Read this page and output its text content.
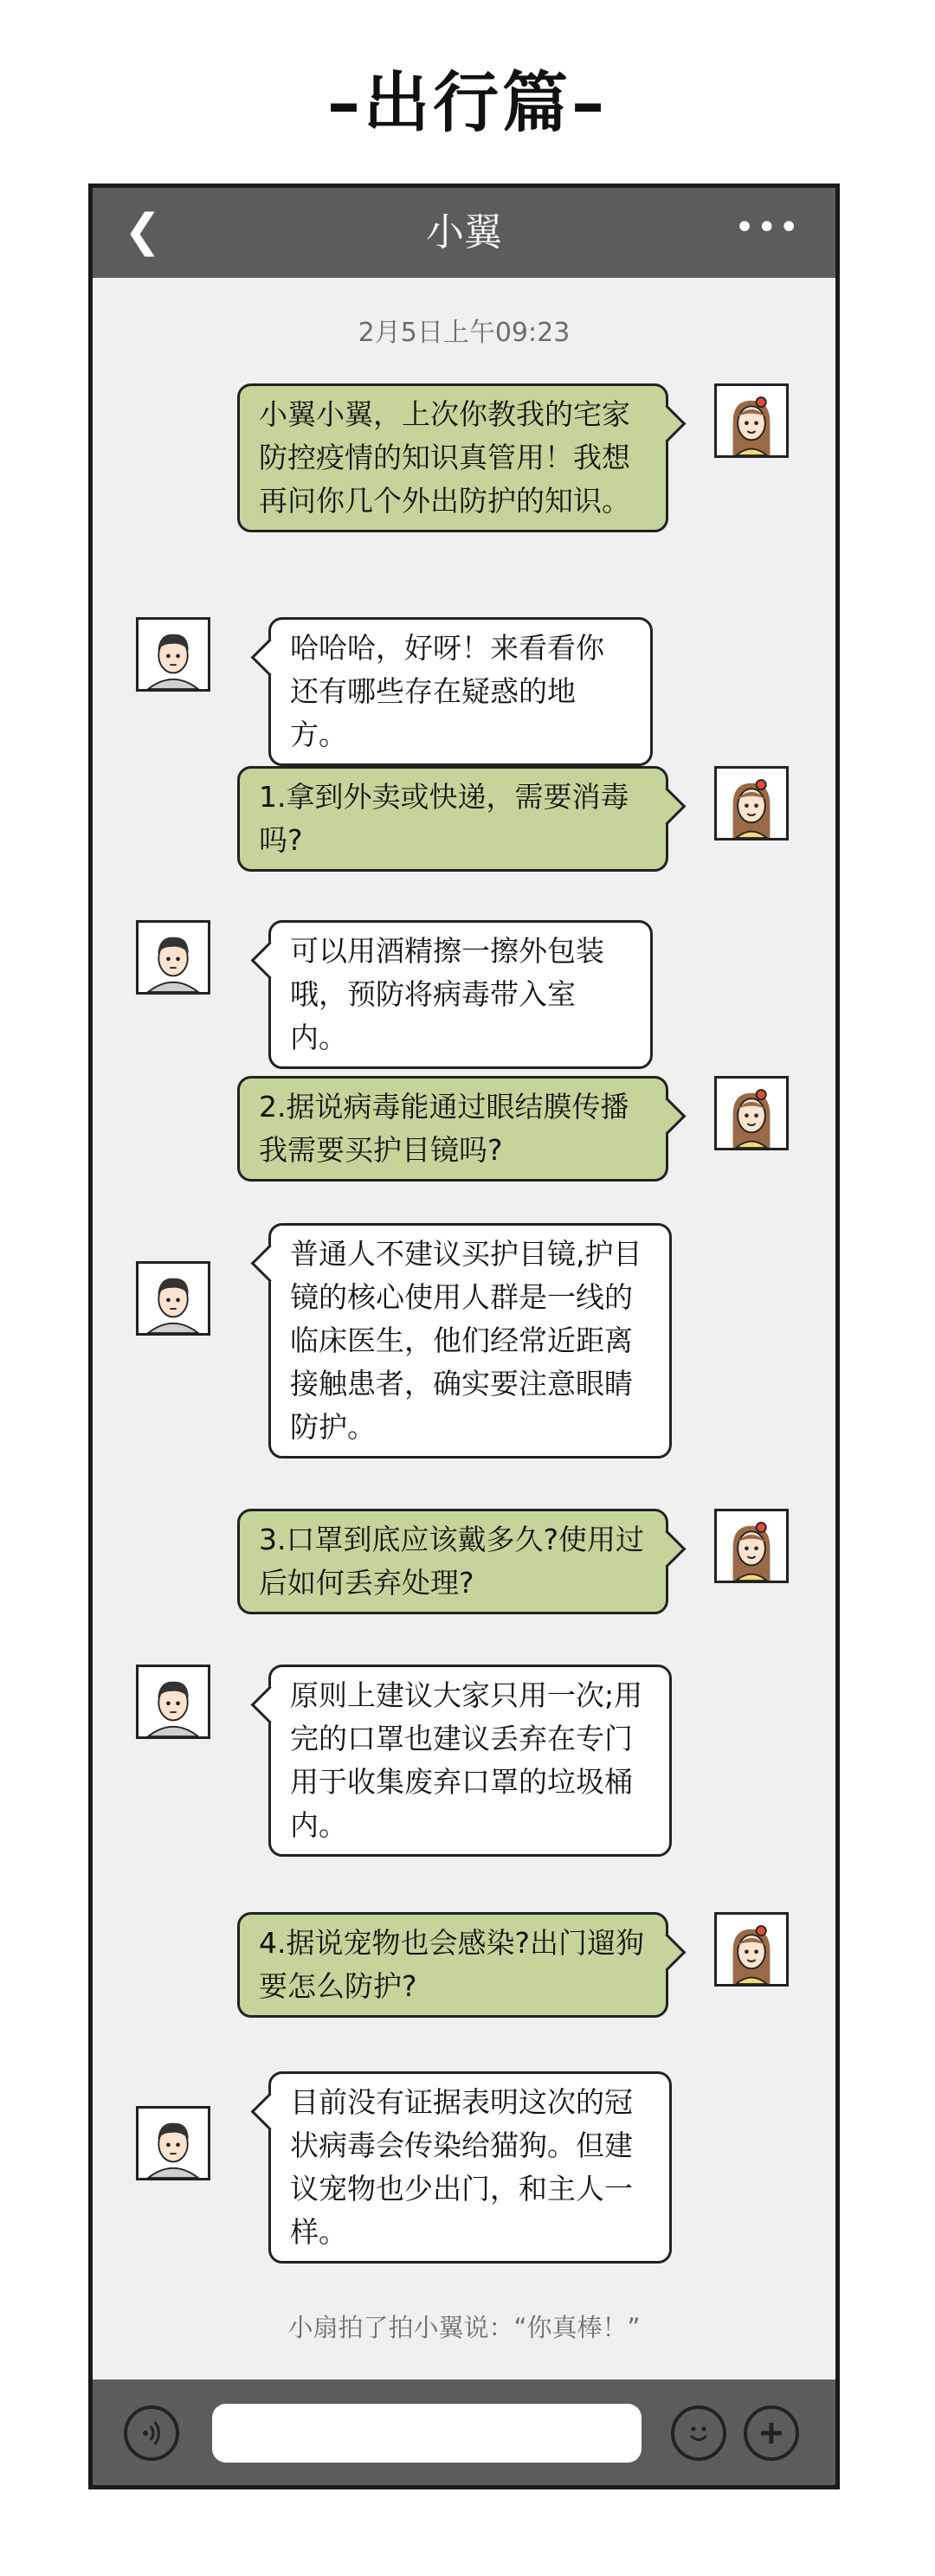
–出行篇–
❮	小翼	•••
2月5日上午09:23
小翼小翼，上次你教我的宅家防控疫情的知识真管用！我想再问你几个外出防护的知识。
哈哈哈，好呀！来看看你还有哪些存在疑惑的地方。
1.拿到外卖或快递，需要消毒吗?
可以用酒精擦一擦外包装哦，预防将病毒带入室内。
2.据说病毒能通过眼结膜传播我需要买护目镜吗?
普通人不建议买护目镜,护目镜的核心使用人群是一线的临床医生，他们经常近距离接触患者，确实要注意眼睛防护。
3.口罩到底应该戴多久?使用过后如何丢弃处理?
原则上建议大家只用一次;用完的口罩也建议丢弃在专门用于收集废弃口罩的垃圾桶内。
4.据说宠物也会感染?出门遛狗要怎么防护?
目前没有证据表明这次的冠状病毒会传染给猫狗。但建议宠物也少出门，和主人一样。
小扇拍了拍小翼说：“你真棒！”
